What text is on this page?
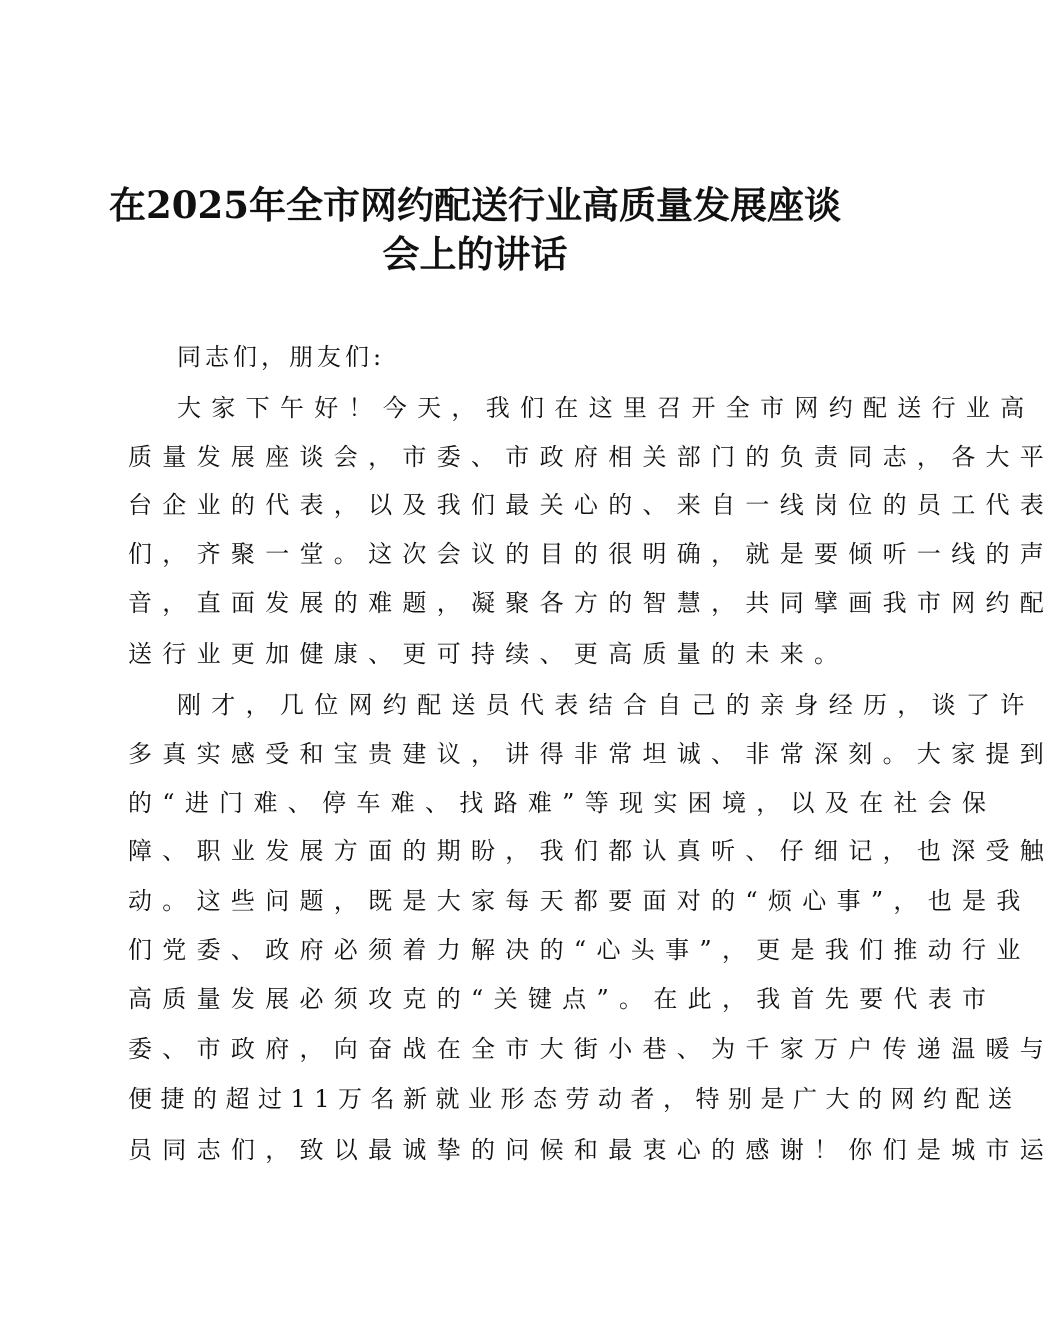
在2025年全市网约配送行业高质量发展座谈
会上的讲话
同志们，朋友们:
大家下午好！今天，我们在这里召开全市网约配送行业高
质量发展座谈会，市委、市政府相关部门的负责同志，各大平
台企业的代表，以及我们最关心的、来自一线岗位的员工代表
们，齐聚一堂。这次会议的目的很明确，就是要倾听一线的声
音，直面发展的难题，凝聚各方的智慧，共同擘画我市网约配
送行业更加健康、更可持续、更高质量的未来。
刚才，几位网约配送员代表结合自己的亲身经历，谈了许
多真实感受和宝贵建议，讲得非常坦诚、非常深刻。大家提到
的“进门难、停车难、找路难”等现实困境，以及在社会保
障、职业发展方面的期盼，我们都认真听、仔细记，也深受触
动。这些问题，既是大家每天都要面对的“烦心事”，也是我
们党委、政府必须着力解决的“心头事”，更是我们推动行业
高质量发展必须攻克的“关键点”。在此，我首先要代表市
委、市政府，向奋战在全市大街小巷、为千家万户传递温暖与
便捷的超过11万名新就业形态劳动者，特别是广大的网约配送
员同志们，致以最诚挚的问候和最衷心的感谢！你们是城市运
